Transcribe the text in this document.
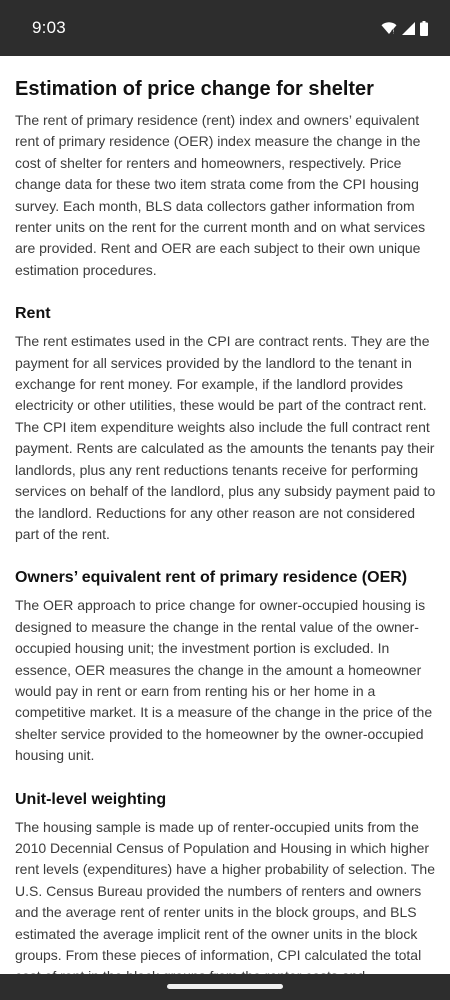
9:03	!
Estimation of price change for shelter

The rent of primary residence (rent) index and owners’ equivalent rent of primary residence (OER) index measure the change in the cost of shelter for renters and homeowners, respectively. Price change data for these two item strata come from the CPI housing survey. Each month, BLS data collectors gather information from renter units on the rent for the current month and on what services are provided. Rent and OER are each subject to their own unique estimation procedures.

Rent

The rent estimates used in the CPI are contract rents. They are the payment for all services provided by the landlord to the tenant in exchange for rent money. For example, if the landlord provides electricity or other utilities, these would be part of the contract rent. The CPI item expenditure weights also include the full contract rent payment. Rents are calculated as the amounts the tenants pay their landlords, plus any rent reductions tenants receive for performing services on behalf of the landlord, plus any subsidy payment paid to the landlord. Reductions for any other reason are not considered part of the rent.

Owners’ equivalent rent of primary residence (OER)

The OER approach to price change for owner-occupied housing is designed to measure the change in the rental value of the owner-occupied housing unit; the investment portion is excluded. In essence, OER measures the change in the amount a homeowner would pay in rent or earn from renting his or her home in a competitive market. It is a measure of the change in the price of the shelter service provided to the homeowner by the owner-occupied housing unit.

Unit-level weighting

The housing sample is made up of renter-occupied units from the 2010 Decennial Census of Population and Housing in which higher rent levels (expenditures) have a higher probability of selection. The U.S. Census Bureau provided the numbers of renters and owners and the average rent of renter units in the block groups, and BLS estimated the average implicit rent of the owner units in the block groups. From these pieces of information, CPI calculated the total
